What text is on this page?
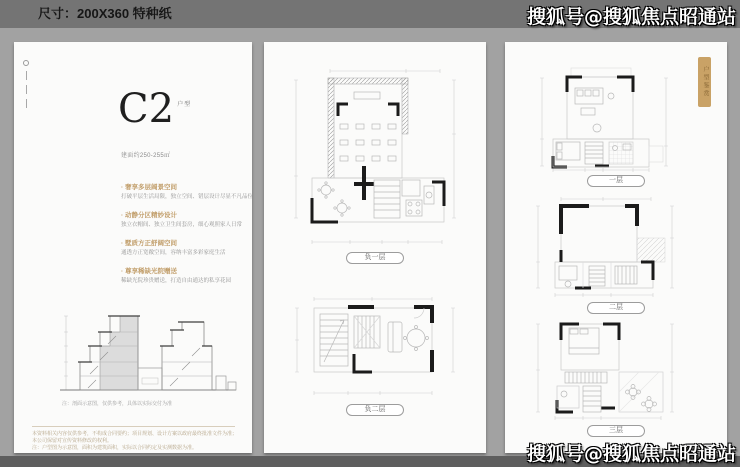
尺寸：200X360 特种纸	搜狐号@搜狐焦点昭通站
C2 $^{户型}$
建面约250-255㎡
· 奢享多层阔景空间
打破平层生活局限，独立空间、错层设计尽显不凡品位
· 动静分区精妙设计
独立衣帽间、独立卫生间套房，细心观照家人日常
· 墅质方正舒阔空间
通透方正宽敞空间，容纳丰富多彩家庭生活
· 尊享稀缺光院赠送
稀缺光院珍贵赠送，打造自由通达的私享花园
注：剖面示意图，仅供参考，具体以实际交付为准
本资料相关内容仅供参考，不构成合同要约；项目规划、设计方案以政府最终批准文件为准；本公司保留对宣传资料修改的权利。
注：户型图为示意图，面积为建筑面积，实际以合同约定及实测数据为准。
负一层
负二层
户型鉴赏
一层
二层
三层
搜狐号@搜狐焦点昭通站
